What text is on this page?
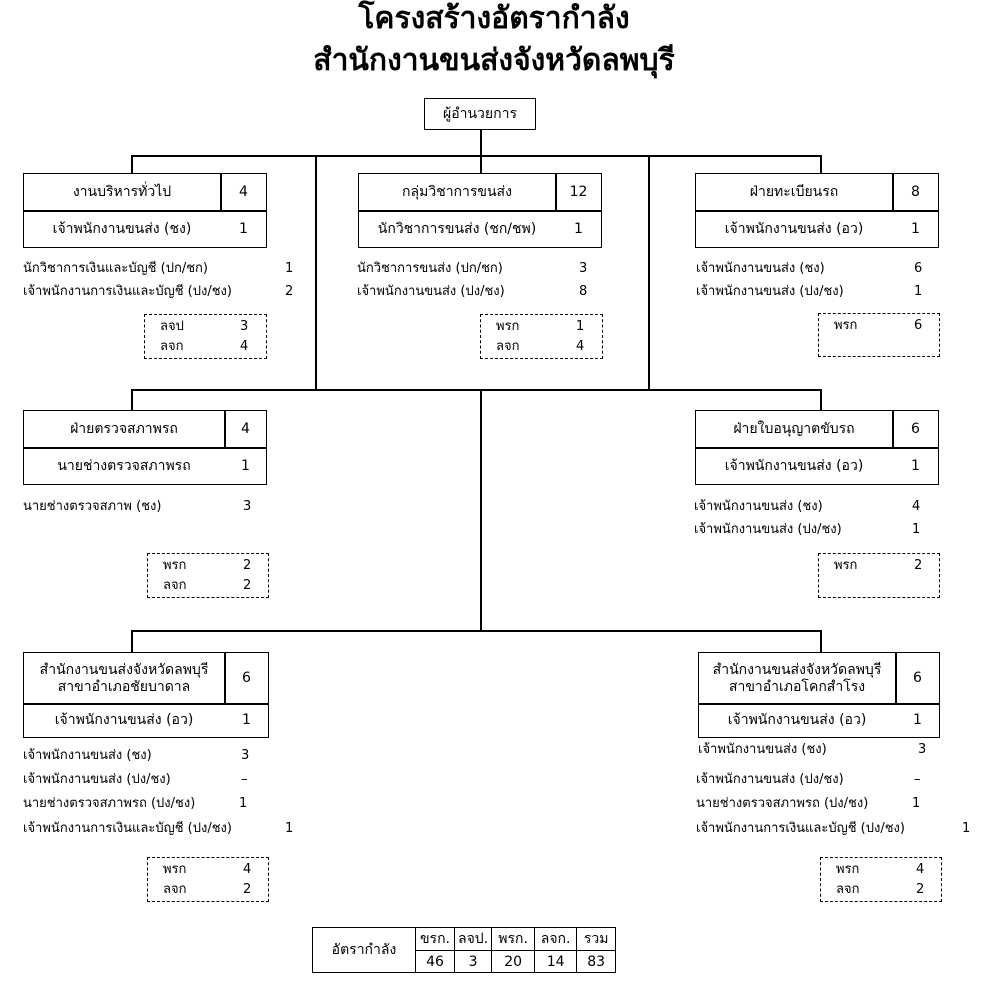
โครงสร้างอัตรากำลัง
สำนักงานขนส่งจังหวัดลพบุรี
ผู้อำนวยการ
งานบริหารทั่วไป	4
เจ้าพนักงานขนส่ง (ชง)	1
นักวิชาการเงินและบัญชี (ปก/ชก)	1
เจ้าพนักงานการเงินและบัญชี (ปง/ชง)	2
ลจป	3
ลจก	4
กลุ่มวิชาการขนส่ง	12
นักวิชาการขนส่ง (ชก/ชพ)	1
นักวิชาการขนส่ง (ปก/ชก)	3
เจ้าพนักงานขนส่ง (ปง/ชง)	8
พรก	1
ลจก	4
ฝ่ายทะเบียนรถ	8
เจ้าพนักงานขนส่ง (อว)	1
เจ้าพนักงานขนส่ง (ชง)	6
เจ้าพนักงานขนส่ง (ปง/ชง)	1
พรก	6
ฝ่ายตรวจสภาพรถ	4
นายช่างตรวจสภาพรถ	1
นายช่างตรวจสภาพ (ชง)	3
พรก	2
ลจก	2
ฝ่ายใบอนุญาตขับรถ	6
เจ้าพนักงานขนส่ง (อว)	1
เจ้าพนักงานขนส่ง (ชง)	4
เจ้าพนักงานขนส่ง (ปง/ชง)	1
พรก	2
สำนักงานขนส่งจังหวัดลพบุรี
สาขาอำเภอชัยบาดาล
6
เจ้าพนักงานขนส่ง (อว)	1
เจ้าพนักงานขนส่ง (ชง)	3
เจ้าพนักงานขนส่ง (ปง/ชง)	–
นายช่างตรวจสภาพรถ (ปง/ชง)	1
เจ้าพนักงานการเงินและบัญชี (ปง/ชง)	1
พรก	4
ลจก	2
สำนักงานขนส่งจังหวัดลพบุรี
สาขาอำเภอโคกสำโรง
6
เจ้าพนักงานขนส่ง (อว)	1
เจ้าพนักงานขนส่ง (ชง)	3
เจ้าพนักงานขนส่ง (ปง/ชง)	–
นายช่างตรวจสภาพรถ (ปง/ชง)	1
เจ้าพนักงานการเงินและบัญชี (ปง/ชง)	1
พรก	4
ลจก	2
อัตรากำลัง	ขรก.	ลจป.	พรก.	ลจก.	รวม
	46	3	20	14	83
